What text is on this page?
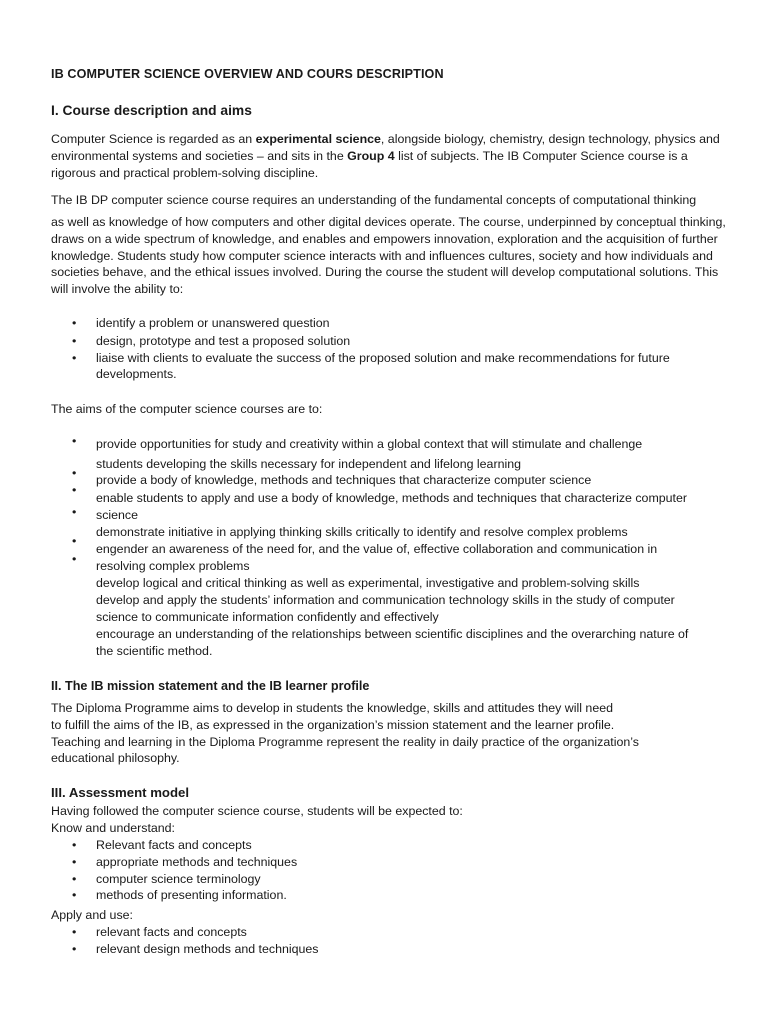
IB COMPUTER SCIENCE OVERVIEW AND COURS DESCRIPTION
I. Course description and aims

Computer Science is regarded as an experimental science, alongside biology, chemistry, design technology, physics and environmental systems and societies – and sits in the Group 4 list of subjects. The IB Computer Science course is a rigorous and practical problem-solving discipline.

The IB DP computer science course requires an understanding of the fundamental concepts of computational thinking

as well as knowledge of how computers and other digital devices operate. The course, underpinned by conceptual thinking, draws on a wide spectrum of knowledge, and enables and empowers innovation, exploration and the acquisition of further knowledge. Students study how computer science interacts with and influences cultures, society and how individuals and societies behave, and the ethical issues involved. During the course the student will develop computational solutions. This will involve the ability to:

• identify a problem or unanswered question
• design, prototype and test a proposed solution
• liaise with clients to evaluate the success of the proposed solution and make recommendations for future developments.

The aims of the computer science courses are to:

•
•
•
•
•
•
provide opportunities for study and creativity within a global context that will stimulate and challenge
students developing the skills necessary for independent and lifelong learning
provide a body of knowledge, methods and techniques that characterize computer science
enable students to apply and use a body of knowledge, methods and techniques that characterize computer
science
demonstrate initiative in applying thinking skills critically to identify and resolve complex problems
engender an awareness of the need for, and the value of, effective collaboration and communication in
resolving complex problems
develop logical and critical thinking as well as experimental, investigative and problem-solving skills
develop and apply the students’ information and communication technology skills in the study of computer
science to communicate information confidently and effectively
encourage an understanding of the relationships between scientific disciplines and the overarching nature of
the scientific method.
II. The IB mission statement and the IB learner profile
The Diploma Programme aims to develop in students the knowledge, skills and attitudes they will need
to fulfill the aims of the IB, as expressed in the organization’s mission statement and the learner profile.
Teaching and learning in the Diploma Programme represent the reality in daily practice of the organization’s
educational philosophy.
III. Assessment model
Having followed the computer science course, students will be expected to:
Know and understand:
• Relevant facts and concepts
• appropriate methods and techniques
• computer science terminology
• methods of presenting information.
Apply and use:
• relevant facts and concepts
• relevant design methods and techniques
